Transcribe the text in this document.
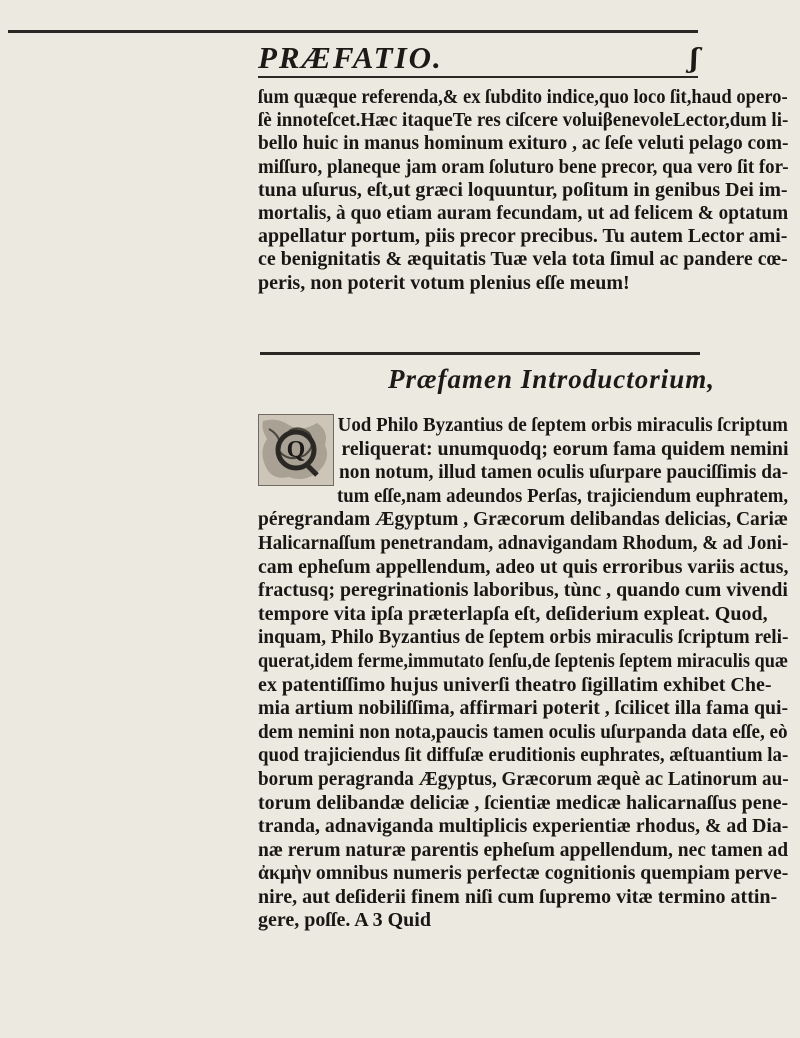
PRÆFATIO.	ʃ
ſum quæque referenda,& ex ſubdito indice,quo loco ſit,haud opero-
ſè innoteſcet.Hæc itaqueTe res ciſcere voluiβenevoleLector,dum li-
bello huic in manus hominum exituro , ac ſeſe veluti pelago com-
miſſuro, planeque jam oram ſoluturo bene precor, qua vero ſit for-
tuna uſurus, eſt,ut græci loquuntur, poſitum in genibus Dei im-
mortalis, à quo etiam auram fecundam, ut ad felicem & optatum
appellatur portum, piis precor precibus. Tu autem Lector ami-
ce benignitatis & æquitatis Tuæ vela tota ſimul ac pandere cœ-
peris, non poterit votum plenius eſſe meum!
Præfamen Introductorium,
Q
Uod Philo Byzantius de ſeptem orbis miraculis ſcriptum
reliquerat: unumquodq; eorum fama quidem nemini
non notum, illud tamen oculis uſurpare pauciſſimis da-
tum eſſe,nam adeundos Perſas, trajiciendum euphratem,
péregrandam Ægyptum , Græcorum delibandas delicias, Cariæ
Halicarnaſſum penetrandam, adnavigandam Rhodum, & ad Joni-
cam epheſum appellendum, adeo ut quis erroribus variis actus,
fractusq; peregrinationis laboribus, tùnc , quando cum vivendi
tempore vita ipſa præterlapſa eſt, deſiderium expleat. Quod,
inquam, Philo Byzantius de ſeptem orbis miraculis ſcriptum reli-
querat,idem ferme,immutato ſenſu,de ſeptenis ſeptem miraculis quæ
ex patentiſſimo hujus univerſi theatro ſigillatim exhibet Che-
mia artium nobiliſſima, affirmari poterit , ſcilicet illa fama qui-
dem nemini non nota,paucis tamen oculis uſurpanda data eſſe, eò
quod trajiciendus ſit diffuſæ eruditionis euphrates, æſtuantium la-
borum peragranda Ægyptus, Græcorum æquè ac Latinorum au-
torum delibandæ deliciæ , ſcientiæ medicæ halicarnaſſus pene-
tranda, adnaviganda multiplicis experientiæ rhodus, & ad Dia-
næ rerum naturæ parentis epheſum appellendum, nec tamen ad
ἀκμὴν omnibus numeris perfectæ cognitionis quempiam perve-
nire, aut deſiderii finem niſi cum ſupremo vitæ termino attin-
gere, poſſe. A 3 Quid
